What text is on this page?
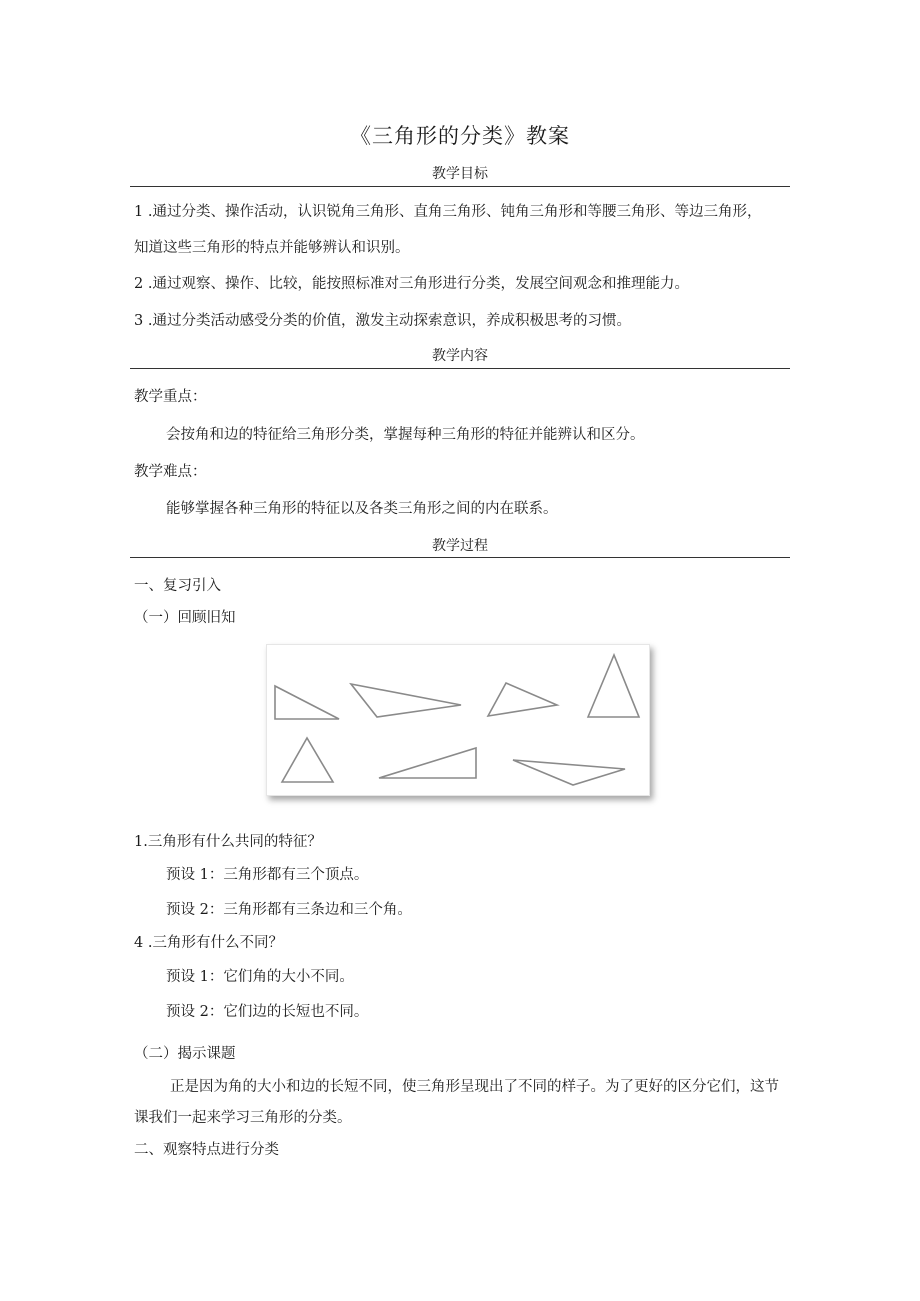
《三角形的分类》教案
教学目标
1 .通过分类、操作活动，认识锐角三角形、直角三角形、钝角三角形和等腰三角形、等边三角形，
知道这些三角形的特点并能够辨认和识别。
2 .通过观察、操作、比较，能按照标准对三角形进行分类，发展空间观念和推理能力。
3 .通过分类活动感受分类的价值，激发主动探索意识，养成积极思考的习惯。
教学内容
教学重点：
会按角和边的特征给三角形分类，掌握每种三角形的特征并能辨认和区分。
教学难点：
能够掌握各种三角形的特征以及各类三角形之间的内在联系。
教学过程
一、复习引入
（一）回顾旧知
1.三角形有什么共同的特征？
预设 1：三角形都有三个顶点。
预设 2：三角形都有三条边和三个角。
4 .三角形有什么不同？
预设 1：它们角的大小不同。
预设 2：它们边的长短也不同。
（二）揭示课题
正是因为角的大小和边的长短不同，使三角形呈现出了不同的样子。为了更好的区分它们，这节
课我们一起来学习三角形的分类。
二、观察特点进行分类
